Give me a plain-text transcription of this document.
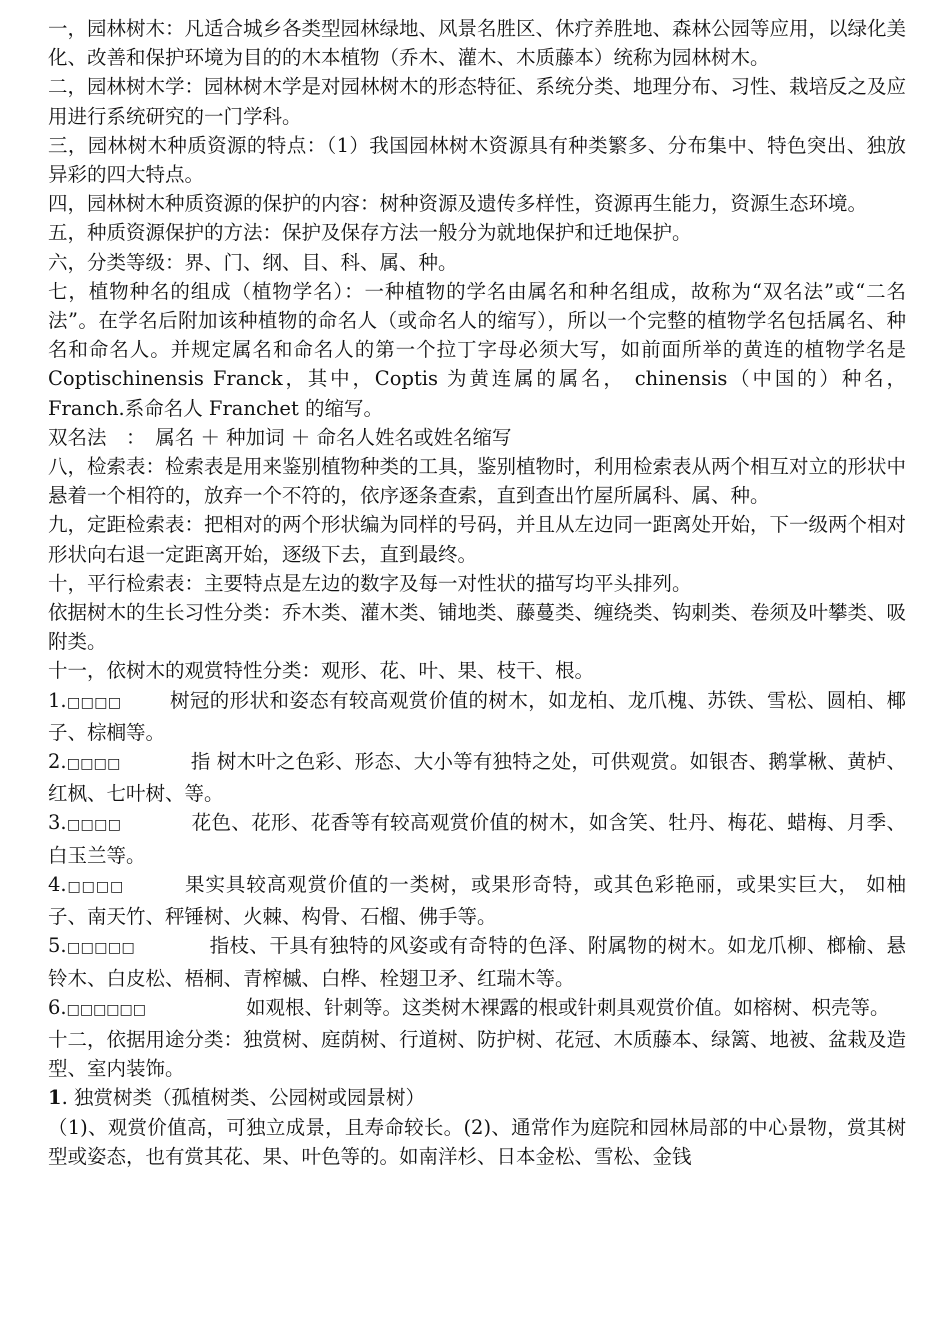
一，园林树木：凡适合城乡各类型园林绿地、风景名胜区、休疗养胜地、森林公园等应用，以绿化美化、改善和保护环境为目的的木本植物（乔木、灌木、木质藤本）统称为园林树木。

二，园林树木学：园林树木学是对园林树木的形态特征、系统分类、地理分布、习性、栽培反之及应用进行系统研究的一门学科。

三，园林树木种质资源的特点：（1）我国园林树木资源具有种类繁多、分布集中、特色突出、独放异彩的四大特点。

四，园林树木种质资源的保护的内容：树种资源及遗传多样性，资源再生能力，资源生态环境。

五，种质资源保护的方法：保护及保存方法一般分为就地保护和迁地保护。

六，分类等级：界、门、纲、目、科、属、种。

七，植物种名的组成（植物学名）：一种植物的学名由属名和种名组成，故称为“双名法”或“二名法”。在学名后附加该种植物的命名人（或命名人的缩写），所以一个完整的植物学名包括属名、种名和命名人。并规定属名和命名人的第一个拉丁字母必须大写，如前面所举的黄连的植物学名是 Coptischinensis Franck，其中，Coptis 为黄连属的属名， chinensis（中国的）种名，Franch.系命名人 Franchet 的缩写。

双名法　：　属名 ＋ 种加词 ＋ 命名人姓名或姓名缩写

八，检索表：检索表是用来鉴别植物种类的工具，鉴别植物时，利用检索表从两个相互对立的形状中悬着一个相符的，放弃一个不符的，依序逐条查索，直到查出竹屋所属科、属、种。

九，定距检索表：把相对的两个形状编为同样的号码，并且从左边同一距离处开始，下一级两个相对形状向右退一定距离开始，逐级下去，直到最终。

十，平行检索表：主要特点是左边的数字及每一对性状的描写均平头排列。

依据树木的生长习性分类：乔木类、灌木类、铺地类、藤蔓类、缠绕类、钩刺类、卷须及叶攀类、吸附类。

十一，依树木的观赏特性分类：观形、花、叶、果、枝干、根。

1.□□□□ 树冠的形状和姿态有较高观赏价值的树木，如龙柏、龙爪槐、苏铁、雪松、圆柏、椰子、棕榈等。

2.□□□□	指 树木叶之色彩、形态、大小等有独特之处，可供观赏。如银杏、鹅掌楸、黄栌、红枫、七叶树、等。

3.□□□□	花色、花形、花香等有较高观赏价值的树木，如含笑、牡丹、梅花、蜡梅、月季、白玉兰等。

4.□□□□	果实具较高观赏价值的一类树，或果形奇特，或其色彩艳丽，或果实巨大， 如柚子、南天竹、秤锤树、火棘、构骨、石榴、佛手等。

5.□□□□□	指枝、干具有独特的风姿或有奇特的色泽、附属物的树木。如龙爪柳、榔榆、悬铃木、白皮松、梧桐、青榨槭、白桦、栓翅卫矛、红瑞木等。

6.□□□□□□	如观根、针刺等。这类树木裸露的根或针刺具观赏价值。如榕树、枳壳等。

十二，依据用途分类：独赏树、庭荫树、行道树、防护树、花冠、木质藤本、绿篱、地被、盆栽及造型、室内装饰。

1. 独赏树类（孤植树类、公园树或园景树）

（1)、观赏价值高，可独立成景，且寿命较长。(2)、通常作为庭院和园林局部的中心景物，赏其树型或姿态，也有赏其花、果、叶色等的。如南洋杉、日本金松、雪松、金钱
